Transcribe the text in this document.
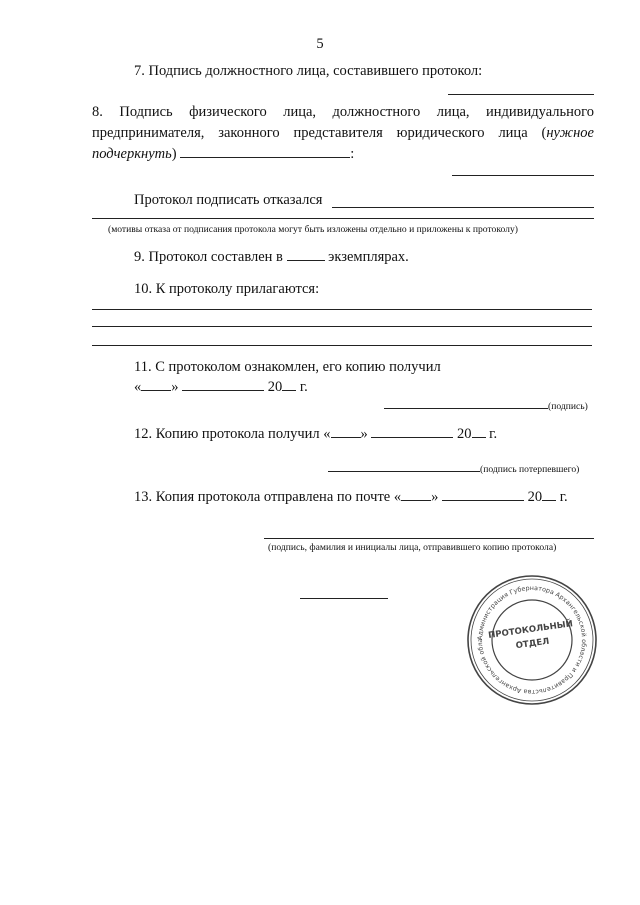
5
7. Подпись должностного лица, составившего протокол:
8. Подпись физического лица, должностного лица, индивидуального
предпринимателя, законного представителя юридического лица (нужное
подчеркнуть)	:
Протокол подписать отказался
(мотивы отказа от подписания протокола могут быть изложены отдельно и приложены к протоколу)
9. Протокол составлен в	экземплярах.
10. К протоколу прилагаются:
11. С протоколом ознакомлен, его копию получил
« »	20 г.
(подпись)
12. Копию протокола получил « »	20 г.
(подпись потерпевшего)
13. Копия протокола отправлена по почте « »	20 г.
(подпись, фамилия и инициалы лица, отправившего копию протокола)
Администрация Губернатора Архангельской области и Правительства Архангельской обла ПРОТОКОЛЬНЫЙ
ОТДЕЛ
